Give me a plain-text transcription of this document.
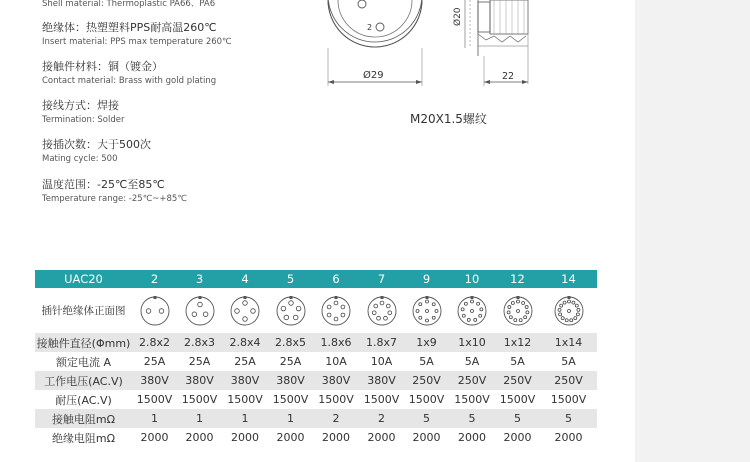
Shell material: Thermoplastic PA66、PA6
绝缘体：热塑塑料PPS耐高温260℃
Insert material: PPS max temperature 260℃
接触件材料：铜（镀金）
Contact material: Brass with gold plating
接线方式：焊接
Termination: Solder
接插次数：大于500次
Mating cycle: 500
温度范围：-25℃至85℃
Temperature range: -25℃~+85℃
2
Ø29
Ø20
22
M20X1.5螺纹
UAC20	2	3	4	5	6	7	9	10	12	14
插针绝缘体正面图	

接触件直径(Φmm)	2.8x2	2.8x3	2.8x4	2.8x5	1.8x6	1.8x7	1x9	1x10	1x12	1x14
额定电流 A	25A	25A	25A	25A	10A	10A	5A	5A	5A	5A
工作电压(AC.V)	380V	380V	380V	380V	380V	380V	250V	250V	250V	250V
耐压(AC.V)	1500V	1500V	1500V	1500V	1500V	1500V	1500V	1500V	1500V	1500V
接触电阻mΩ	1	1	1	1	2	2	5	5	5	5
绝缘电阻mΩ	2000	2000	2000	2000	2000	2000	2000	2000	2000	2000
